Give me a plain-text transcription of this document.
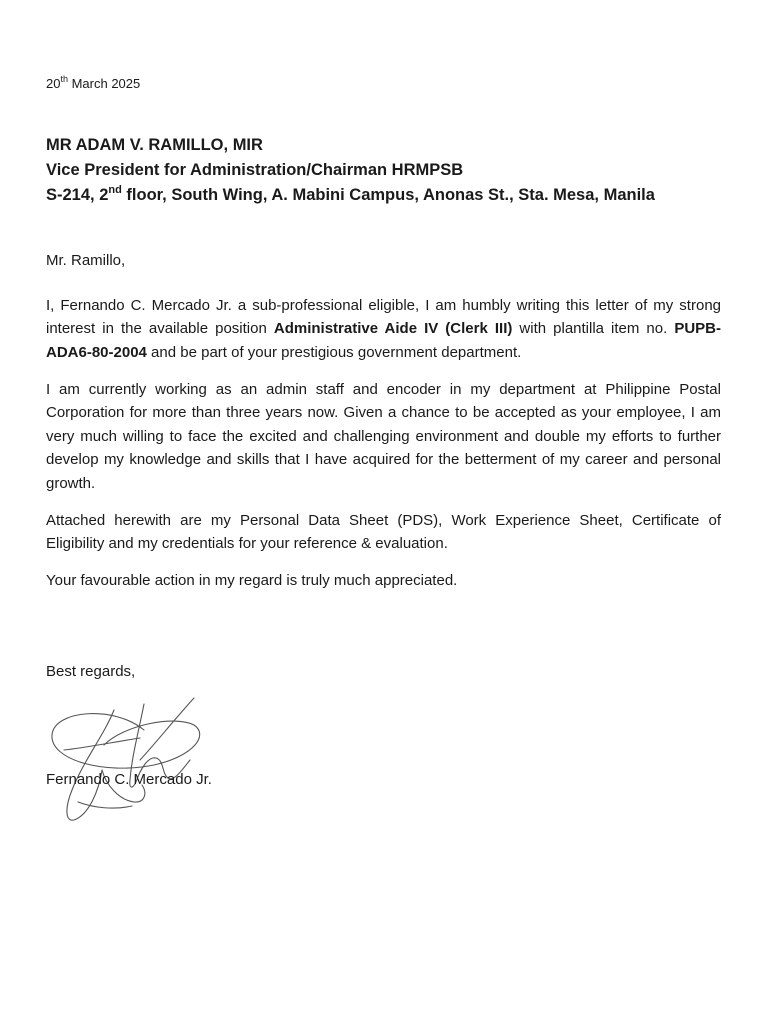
20th March 2025
MR ADAM V. RAMILLO, MIR
Vice President for Administration/Chairman HRMPSB
S-214, 2nd floor, South Wing, A. Mabini Campus, Anonas St., Sta. Mesa, Manila

Mr. Ramillo,

I, Fernando C. Mercado Jr. a sub-professional eligible, I am humbly writing this letter of my strong interest in the available position Administrative Aide IV (Clerk III) with plantilla item no. PUPB-ADA6-80-2004 and be part of your prestigious government department.

I am currently working as an admin staff and encoder in my department at Philippine Postal Corporation for more than three years now. Given a chance to be accepted as your employee, I am very much willing to face the excited and challenging environment and double my efforts to further develop my knowledge and skills that I have acquired for the betterment of my career and personal growth.

Attached herewith are my Personal Data Sheet (PDS), Work Experience Sheet, Certificate of Eligibility and my credentials for your reference & evaluation.

Your favourable action in my regard is truly much appreciated.

Best regards,
Fernando C. Mercado Jr.
